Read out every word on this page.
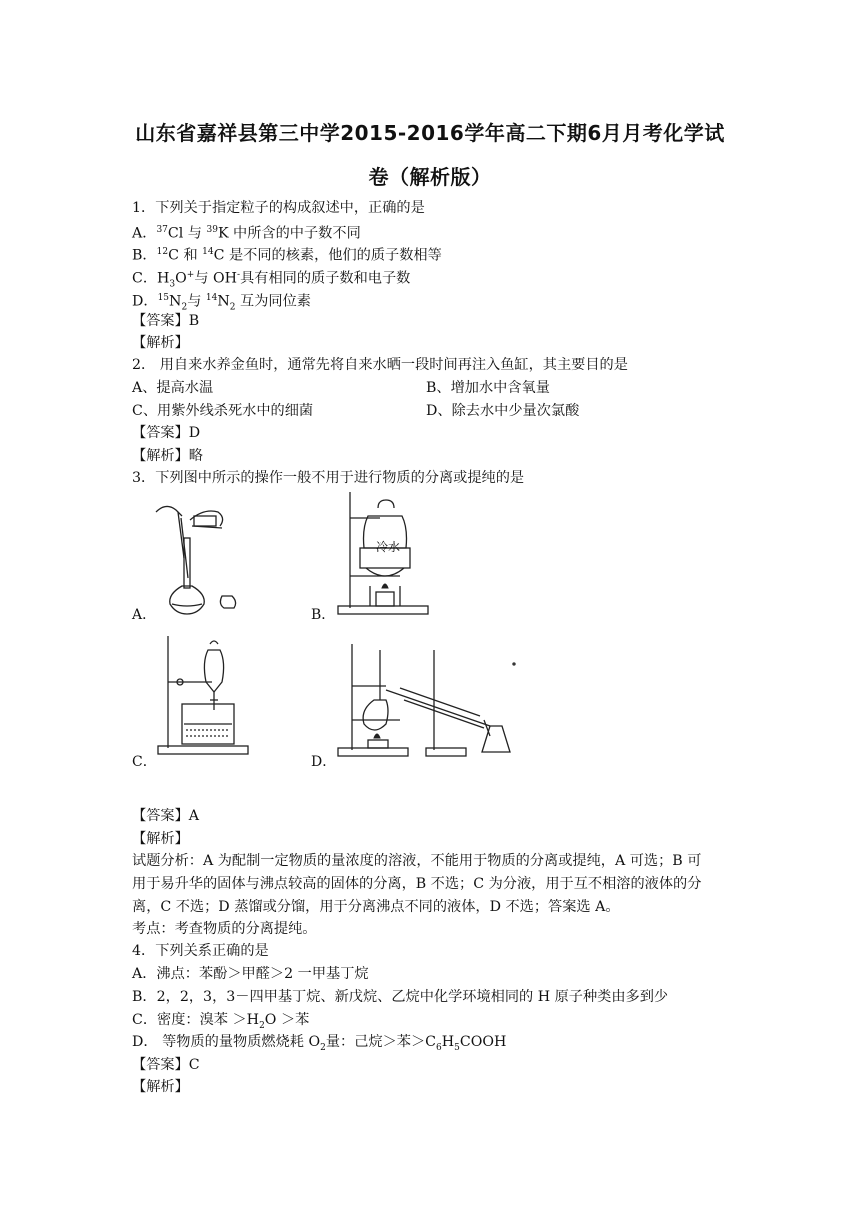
山东省嘉祥县第三中学2015-2016学年高二下期6月月考化学试
卷（解析版）
1．下列关于指定粒子的构成叙述中，正确的是
A．$^{37}$Cl 与 $^{39}$K 中所含的中子数不同
B．$^{12}$C 和 $^{14}$C 是不同的核素，他们的质子数相等
C．$H_3O^+$与 OH-具有相同的质子数和电子数
D．$^{15}N_2$与 $^{14}N_2$ 互为同位素
【答案】B
【解析】
2． 用自来水养金鱼时，通常先将自来水晒一段时间再注入鱼缸，其主要目的是
A、提高水温	B、增加水中含氧量
C、用紫外线杀死水中的细菌	D、除去水中少量次氯酸
【答案】D
【解析】略
3．下列图中所示的操作一般不用于进行物质的分离或提纯的是
A．
冷水
B．
C．	D．
【答案】A
【解析】
试题分析：A 为配制一定物质的量浓度的溶液，不能用于物质的分离或提纯，A 可选；B 可
用于易升华的固体与沸点较高的固体的分离，B 不选；C 为分液，用于互不相溶的液体的分
离，C 不选；D 蒸馏或分馏，用于分离沸点不同的液体，D 不选；答案选 A。
考点：考查物质的分离提纯。
4．下列关系正确的是
A．沸点：苯酚＞甲醛＞2 一甲基丁烷
B．2，2，3，3－四甲基丁烷、新戊烷、乙烷中化学环境相同的 H 原子种类由多到少
C．密度：溴苯 $>H_2O$ ＞苯
D． 等物质的量物质燃烧耗 $O_2$量：己烷＞苯$>C_6H_5COOH$
【答案】C
【解析】
